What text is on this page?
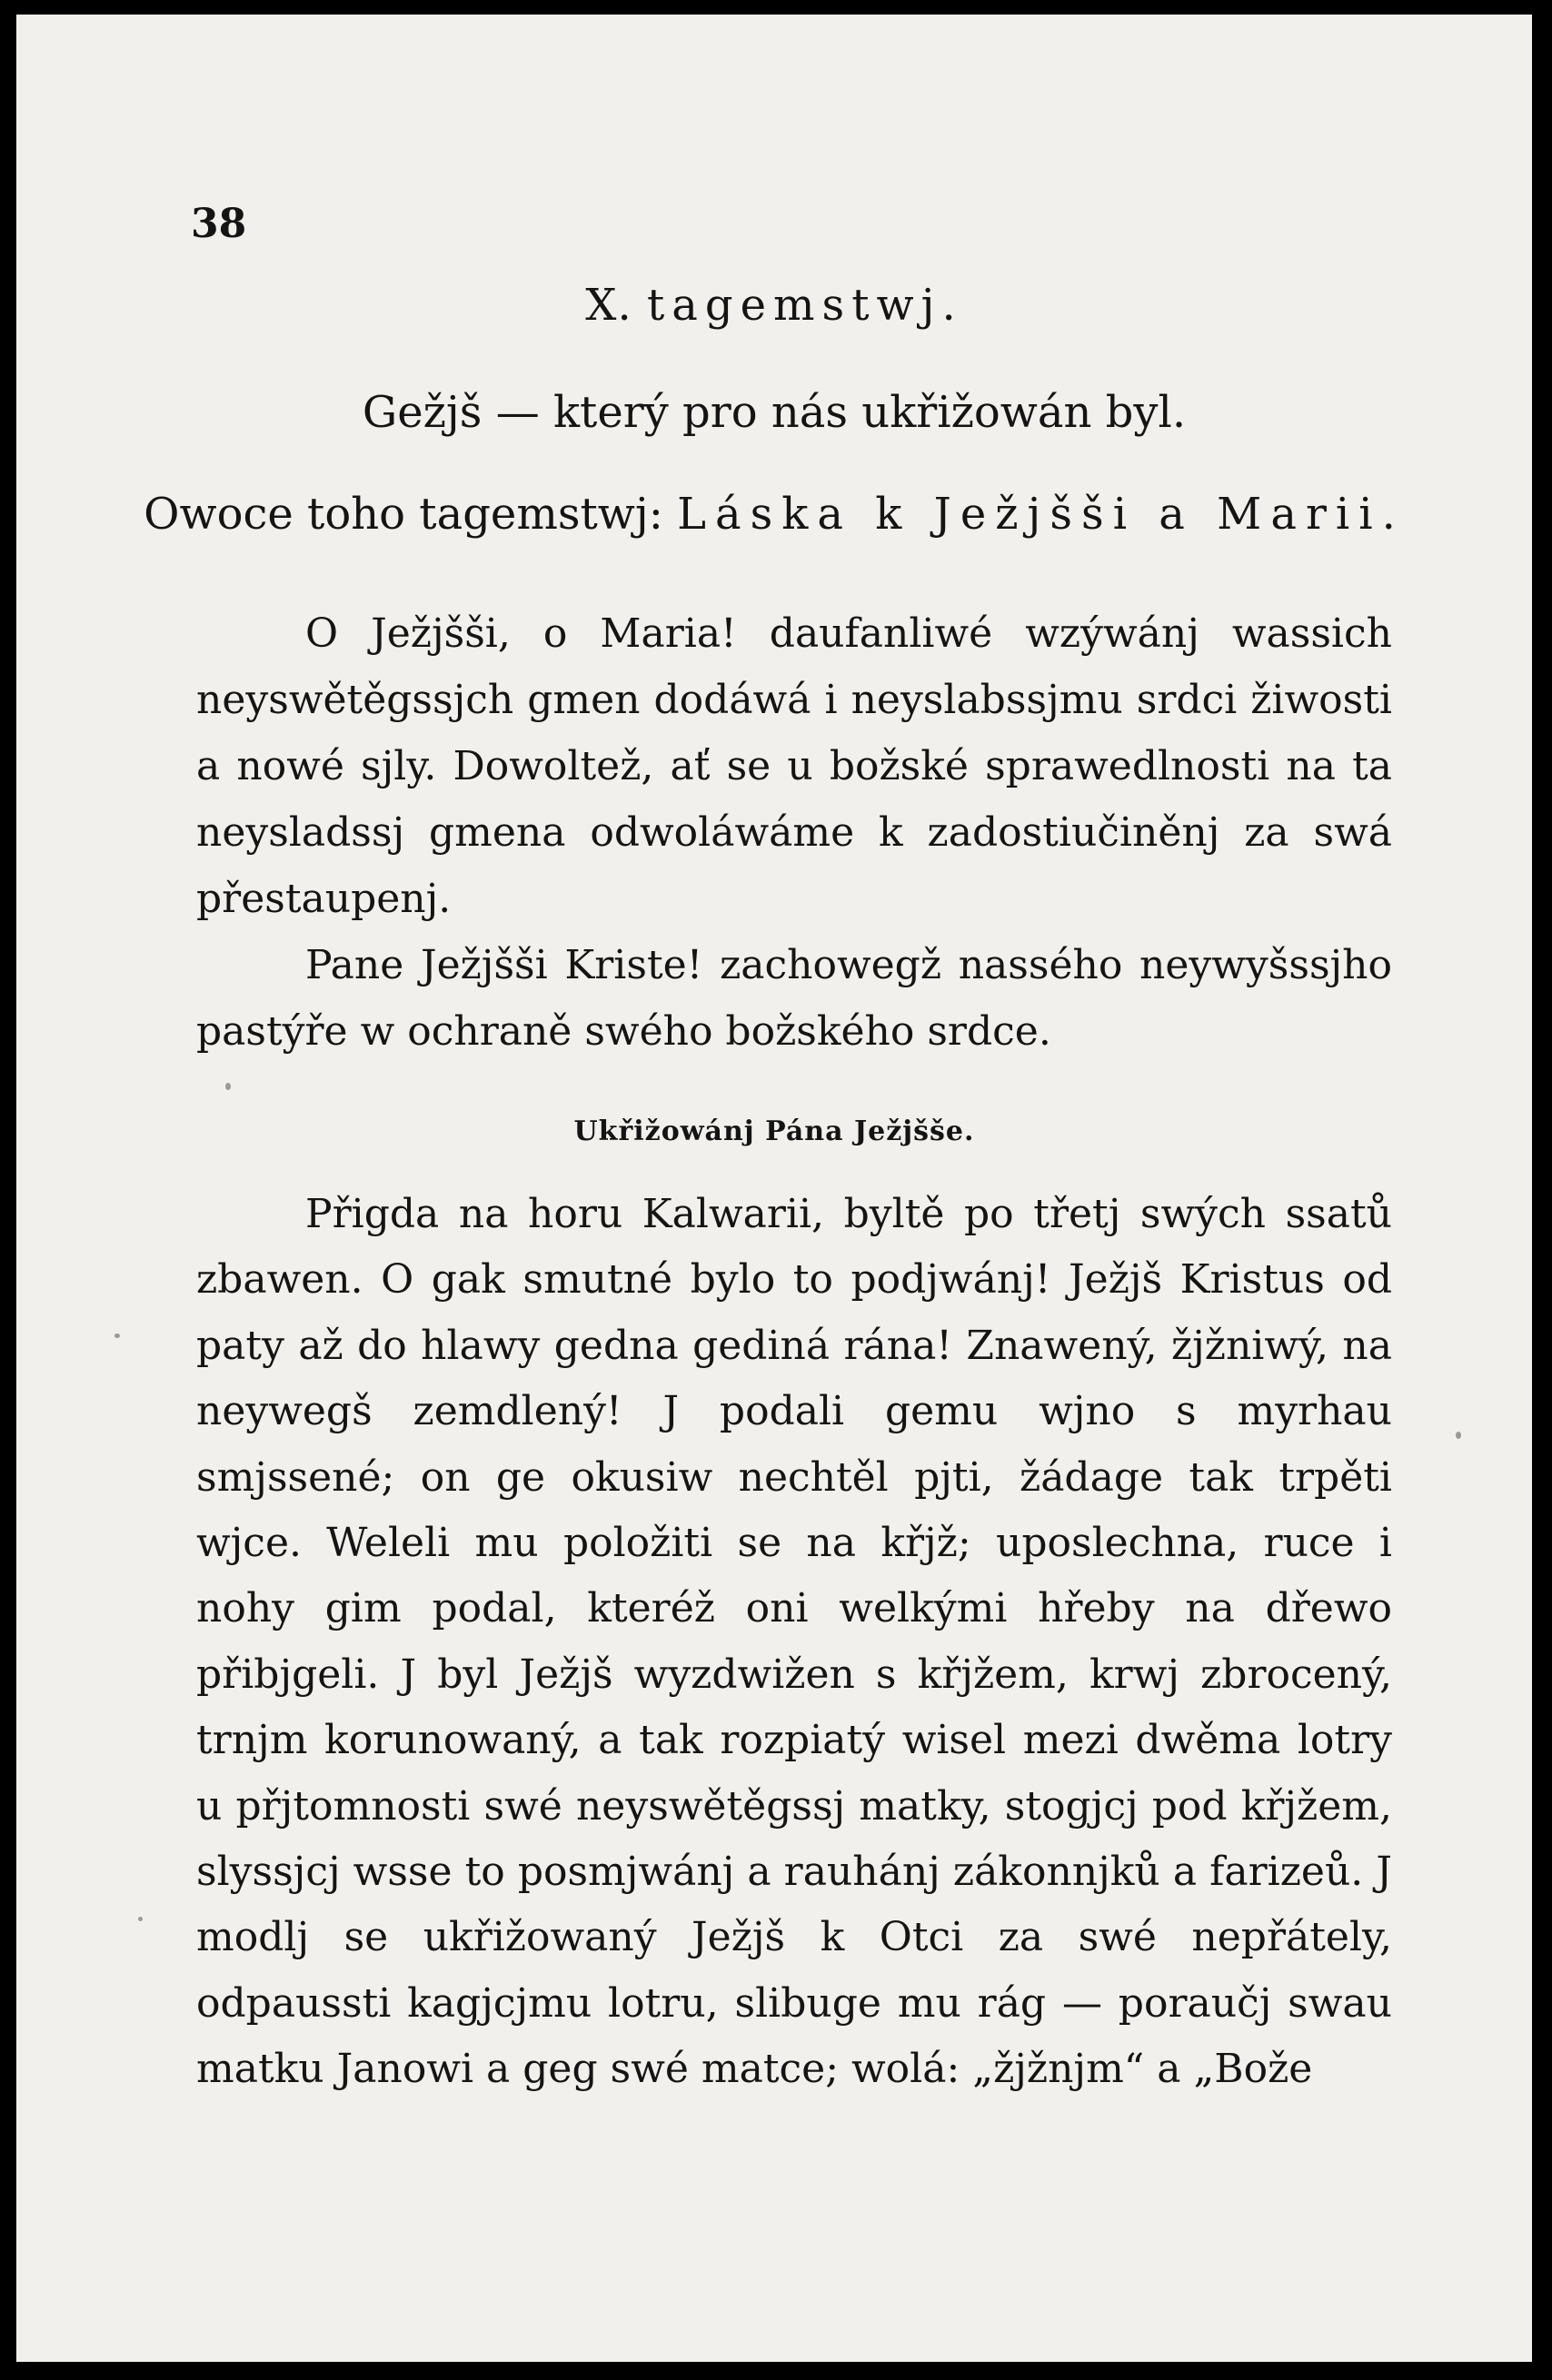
38
X. tagemstwj.
Gežjš — který pro nás ukřižowán byl.
Owoce toho tagemstwj: Láska k Ježjšši a Marii.

O Ježjšši, o Maria! daufanliwé wzýwánj wassich neyswětěgssjch gmen dodáwá i neyslabssjmu srdci žiwosti a nowé sjly. Dowoltež, ať se u božské sprawedlnosti na ta neysladssj gmena odwoláwáme k zadostiučiněnj za swá přestaupenj.

Pane Ježjšši Kriste! zachowegž nassého neywyšssjho pastýře w ochraně swého božského srdce.

Ukřižowánj Pána Ježjšše.

Přigda na horu Kalwarii, byltě po třetj swých ssatů zbawen. O gak smutné bylo to podjwánj! Ježjš Kristus od paty až do hlawy gedna gediná rána! Znawený, žjžniwý, na neywegš zemdlený! J podali gemu wjno s myrhau smjssené; on ge okusiw nechtěl pjti, žádage tak trpěti wjce. Weleli mu položiti se na křjž; uposlechna, ruce i nohy gim podal, kteréž oni welkými hřeby na dřewo přibjgeli. J byl Ježjš wyzdwižen s křjžem, krwj zbrocený, trnjm korunowaný, a tak rozpiatý wisel mezi dwěma lotry u přjtomnosti swé neyswětěgssj matky, stogjcj pod křjžem, slyssjcj wsse to posmjwánj a rauhánj zákonnjků a farizeů. J modlj se ukřižowaný Ježjš k Otci za swé nepřátely, odpaussti kagjcjmu lotru, slibuge mu rág — poraučj swau matku Janowi a geg swé matce; wolá: „žjžnjm“ a „Bože
